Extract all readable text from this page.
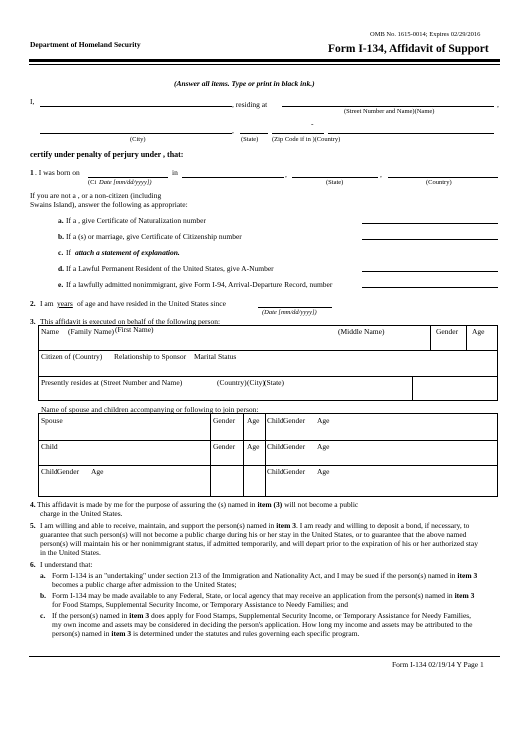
OMB No. 1615-0014; Expires 02/29/2016
Department of Homeland Security	Form I-134, Affidavit of Support
(Answer all items. Type or print in black ink.)
I,	, residing at
(Street Number and Name)(Name)
,
-
,
(City)	(State) (Zip Code if in )(Country)
certify under penalty of perjury under , that:
1 . I was born on	in	,	,
(Ci Date [mm/dd/yyyy])	(State)	(Country)
If you are not a , or a non-citizen (including
Swains Island), answer the following as appropriate:
a. If a , give Certificate of Naturalization number
b. If a (s) or marriage, give Certificate of Citizenship number
c. If attach a statement of explanation.
d. If a Lawful Permanent Resident of the United States, give A-Number
e. If a lawfully admitted nonimmigrant, give Form I-94, Arrival-Departure Record, number
2. I am years of age and have resided in the United States since
(Date [mm/dd/yyyy])
3. This affidavit is executed on behalf of the following person:
Name (Family Name) (First Name)	(Middle Name)	Gender Age
Citizen of (Country) Relationship to Sponsor Marital Status
Presently resides at (Street Number and Name)	(Country) (City) (State)
Name of spouse and children accompanying or following to join person:
Spouse	Gender Age Child Gender Age
Child	Gender Age Child Gender Age
Child Gender Age	Child Gender Age
4. This affidavit is made by me for the purpose of assuring the (s) named in item (3) will not become a public
charge in the United States.
5. I am willing and able to receive, maintain, and support the person(s) named in item 3. I am ready and willing to deposit a bond, if necessary, to
guarantee that such person(s) will not become a public charge during his or her stay in the United States, or to guarantee that the above named
person(s) will maintain his or her nonimmigrant status, if admitted temporarily, and will depart prior to the expiration of his or her authorized stay
in the United States.
6. I understand that:
a. Form I-134 is an "undertaking" under section 213 of the Immigration and Nationality Act, and I may be sued if the person(s) named in item 3
becomes a public charge after admission to the United States;
b. Form I-134 may be made available to any Federal, State, or local agency that may receive an application from the person(s) named in item 3
for Food Stamps, Supplemental Security Income, or Temporary Assistance to Needy Families; and
c. If the person(s) named in item 3 does apply for Food Stamps, Supplemental Security Income, or Temporary Assistance for Needy Families,
my own income and assets may be considered in deciding the person's application. How long my income and assets may be attributed to the
person(s) named in item 3 is determined under the statutes and rules governing each specific program.
Form I-134 02/19/14 Y Page 1
